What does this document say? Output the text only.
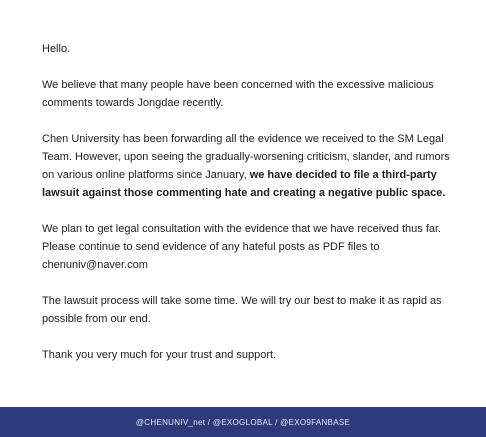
Hello.

We believe that many people have been concerned with the excessive malicious comments towards Jongdae recently.

Chen University has been forwarding all the evidence we received to the SM Legal Team. However, upon seeing the gradually-worsening criticism, slander, and rumors on various online platforms since January, we have decided to file a third-party lawsuit against those commenting hate and creating a negative public space.

We plan to get legal consultation with the evidence that we have received thus far. Please continue to send evidence of any hateful posts as PDF files to
chenuniv@naver.com

The lawsuit process will take some time. We will try our best to make it as rapid as possible from our end.

Thank you very much for your trust and support.

@CHENUNIV_net / @EXOGLOBAL / @EXO9FANBASE
